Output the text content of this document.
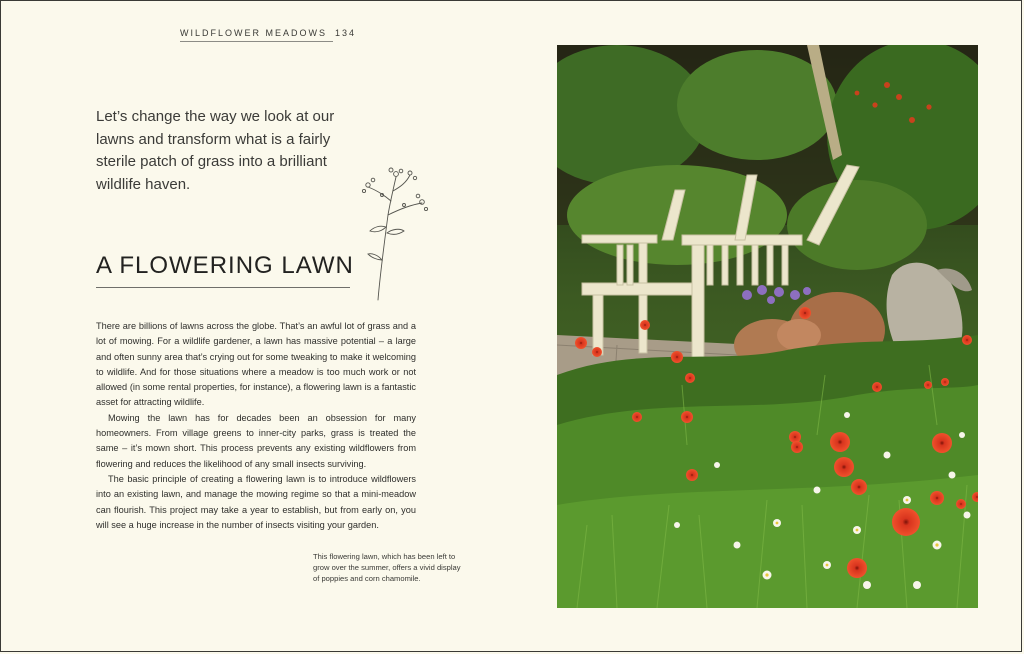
WILDFLOWER MEADOWS 134
Let’s change the way we look at our lawns and transform what is a fairly sterile patch of grass into a brilliant wildlife haven.
A FLOWERING LAWN

There are billions of lawns across the globe. That’s an awful lot of grass and a lot of mowing. For a wildlife gardener, a lawn has massive potential – a large and often sunny area that’s crying out for some tweaking to make it welcoming to wildlife. And for those situations where a meadow is too much work or not allowed (in some rental properties, for instance), a flowering lawn is a fantastic asset for attracting wildlife.

Mowing the lawn has for decades been an obsession for many homeowners. From village greens to inner-city parks, grass is treated the same – it’s mown short. This process prevents any existing wildflowers from flowering and reduces the likelihood of any small insects surviving.

The basic principle of creating a flowering lawn is to introduce wildflowers into an existing lawn, and manage the mowing regime so that a mini-meadow can flourish. This project may take a year to establish, but from early on, you will see a huge increase in the number of insects visiting your garden.

This flowering lawn, which has been left to grow over the summer, offers a vivid display of poppies and corn chamomile.
